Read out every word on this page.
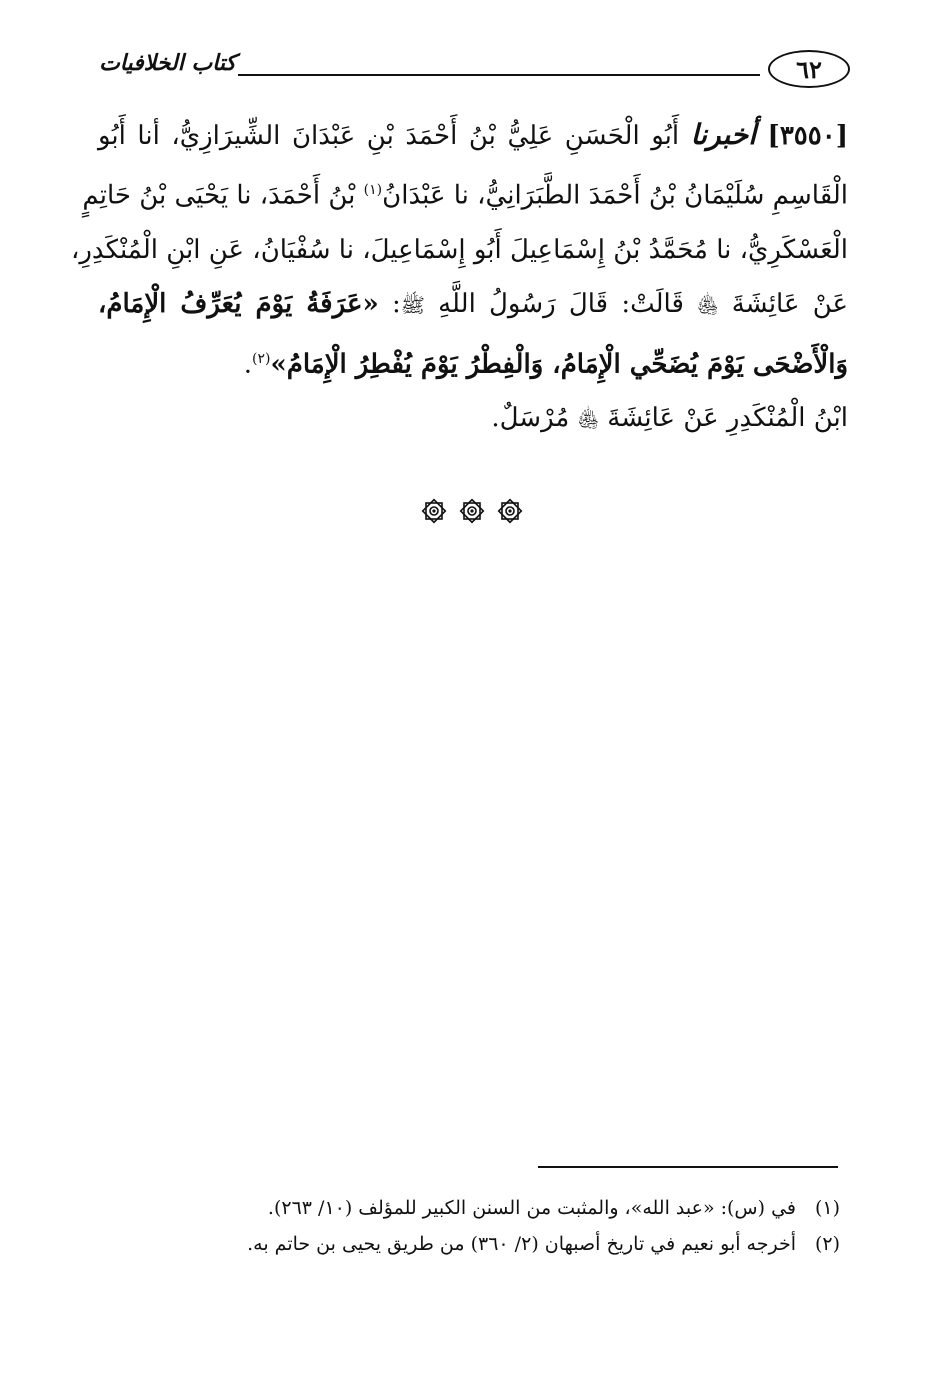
كتاب الخلافيات	٦٢
[٣٥٥٠] أخبرنا أَبُو الْحَسَنِ عَلِيُّ بْنُ أَحْمَدَ بْنِ عَبْدَانَ الشِّيرَازِيُّ، أنا أَبُو
الْقَاسِمِ سُلَيْمَانُ بْنُ أَحْمَدَ الطَّبَرَانِيُّ، نا عَبْدَانُ$^{(١)}$ بْنُ أَحْمَدَ، نا يَحْيَى بْنُ حَاتِمٍ
الْعَسْكَرِيُّ، نا مُحَمَّدُ بْنُ إِسْمَاعِيلَ أَبُو إِسْمَاعِيلَ، نا سُفْيَانُ، عَنِ ابْنِ الْمُنْكَدِرِ،
عَنْ عَائِشَةَ ﵅ قَالَتْ: قَالَ رَسُولُ اللَّهِ ﷺ: «عَرَفَةُ يَوْمَ يُعَرِّفُ الْإِمَامُ،
وَالْأَضْحَى يَوْمَ يُضَحِّي الْإِمَامُ، وَالْفِطْرُ يَوْمَ يُفْطِرُ الْإِمَامُ»$^{(٢)}$.
ابْنُ الْمُنْكَدِرِ عَنْ عَائِشَةَ ﵅ مُرْسَلٌ.
(١)في (س): «عبد الله»، والمثبت من السنن الكبير للمؤلف (١٠/ ٢٦٣).
(٢)أخرجه أبو نعيم في تاريخ أصبهان (٢/ ٣٦٠) من طريق يحيى بن حاتم به.
